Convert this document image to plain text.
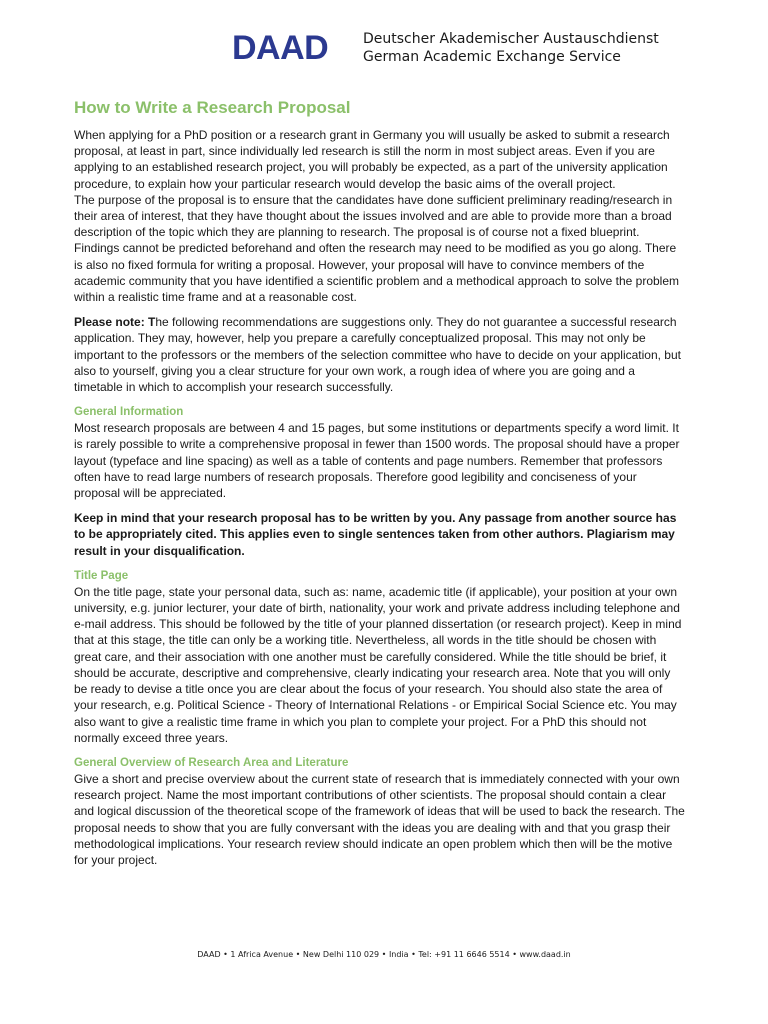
DAAD Deutscher Akademischer Austauschdienst
German Academic Exchange Service
How to Write a Research Proposal

When applying for a PhD position or a research grant in Germany you will usually be asked to submit a research proposal, at least in part, since individually led research is still the norm in most subject areas. Even if you are applying to an established research project, you will probably be expected, as a part of the university application procedure, to explain how your particular research would develop the basic aims of the overall project.

The purpose of the proposal is to ensure that the candidates have done sufficient preliminary reading/research in their area of interest, that they have thought about the issues involved and are able to provide more than a broad description of the topic which they are planning to research. The proposal is of course not a fixed blueprint. Findings cannot be predicted beforehand and often the research may need to be modified as you go along. There is also no fixed formula for writing a proposal. However, your proposal will have to convince members of the academic community that you have identified a scientific problem and a methodical approach to solve the problem within a realistic time frame and at a reasonable cost.

Please note: The following recommendations are suggestions only. They do not guarantee a successful research application. They may, however, help you prepare a carefully conceptualized proposal. This may not only be important to the professors or the members of the selection committee who have to decide on your application, but also to yourself, giving you a clear structure for your own work, a rough idea of where you are going and a timetable in which to accomplish your research successfully.

General Information

Most research proposals are between 4 and 15 pages, but some institutions or departments specify a word limit. It is rarely possible to write a comprehensive proposal in fewer than 1500 words. The proposal should have a proper layout (typeface and line spacing) as well as a table of contents and page numbers. Remember that professors often have to read large numbers of research proposals. Therefore good legibility and conciseness of your proposal will be appreciated.

Keep in mind that your research proposal has to be written by you. Any passage from another source has to be appropriately cited. This applies even to single sentences taken from other authors. Plagiarism may result in your disqualification.

Title Page

On the title page, state your personal data, such as: name, academic title (if applicable), your position at your own university, e.g. junior lecturer, your date of birth, nationality, your work and private address including telephone and e-mail address. This should be followed by the title of your planned dissertation (or research project). Keep in mind that at this stage, the title can only be a working title. Nevertheless, all words in the title should be chosen with great care, and their association with one another must be carefully considered. While the title should be brief, it should be accurate, descriptive and comprehensive, clearly indicating your research area. Note that you will only be ready to devise a title once you are clear about the focus of your research. You should also state the area of your research, e.g. Political Science - Theory of International Relations - or Empirical Social Science etc. You may also want to give a realistic time frame in which you plan to complete your project. For a PhD this should not normally exceed three years.

General Overview of Research Area and Literature

Give a short and precise overview about the current state of research that is immediately connected with your own research project. Name the most important contributions of other scientists. The proposal should contain a clear and logical discussion of the theoretical scope of the framework of ideas that will be used to back the research. The proposal needs to show that you are fully conversant with the ideas you are dealing with and that you grasp their methodological implications. Your research review should indicate an open problem which then will be the motive for your project.

DAAD • 1 Africa Avenue • New Delhi 110 029 • India • Tel: +91 11 6646 5514 • www.daad.in
